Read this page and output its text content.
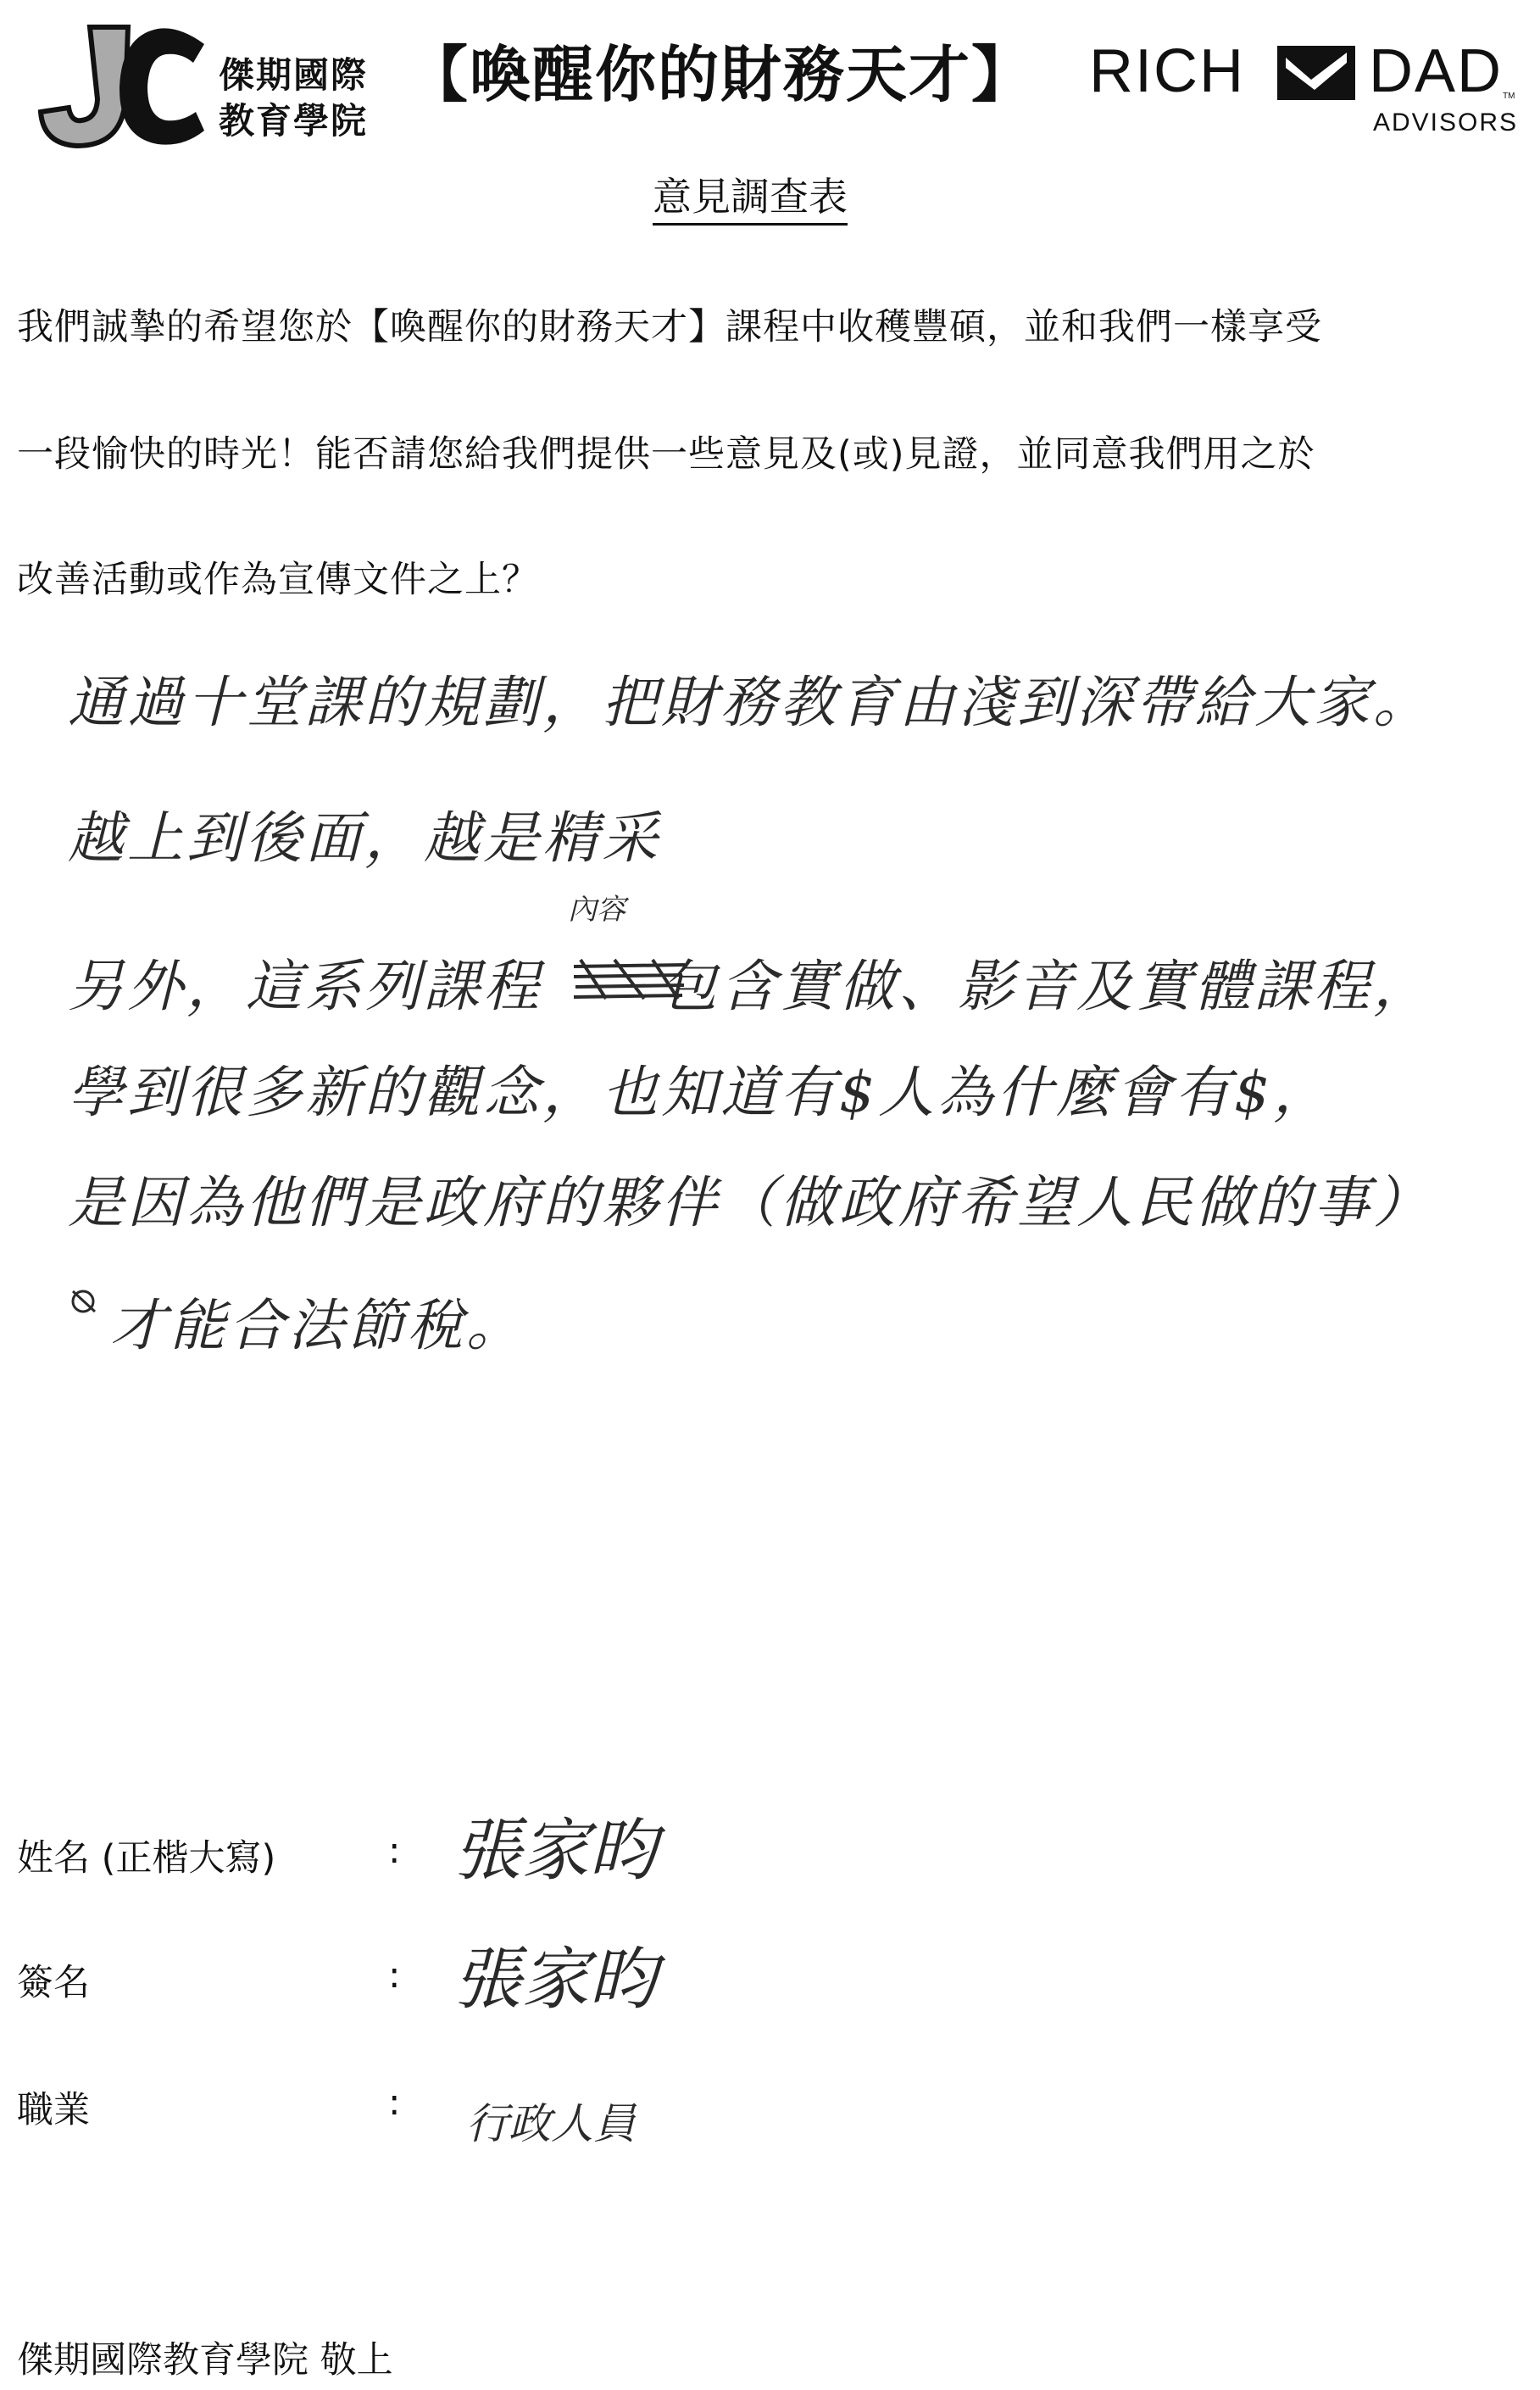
傑期國際
教育學院
【喚醒你的財務天才】 RICH DAD TM
ADVISORS
意見調查表
我們誠摯的希望您於【喚醒你的財務天才】課程中收穫豐碩，並和我們一樣享受
一段愉快的時光！能否請您給我們提供一些意見及(或)見證，並同意我們用之於
改善活動或作為宣傳文件之上？
通過十堂課的規劃，把財務教育由淺到深帶給大家。
越上到後面，越是精采
內容
另外，這系列課程　　包含實做、影音及實體課程，
學到很多新的觀念，也知道有$人為什麼會有$，
是因為他們是政府的夥伴（做政府希望人民做的事）
才能合法節稅。
姓名 (正楷大寫)	: 張家昀
簽名	: 張家昀
職業	: 行政人員
傑期國際教育學院 敬上
